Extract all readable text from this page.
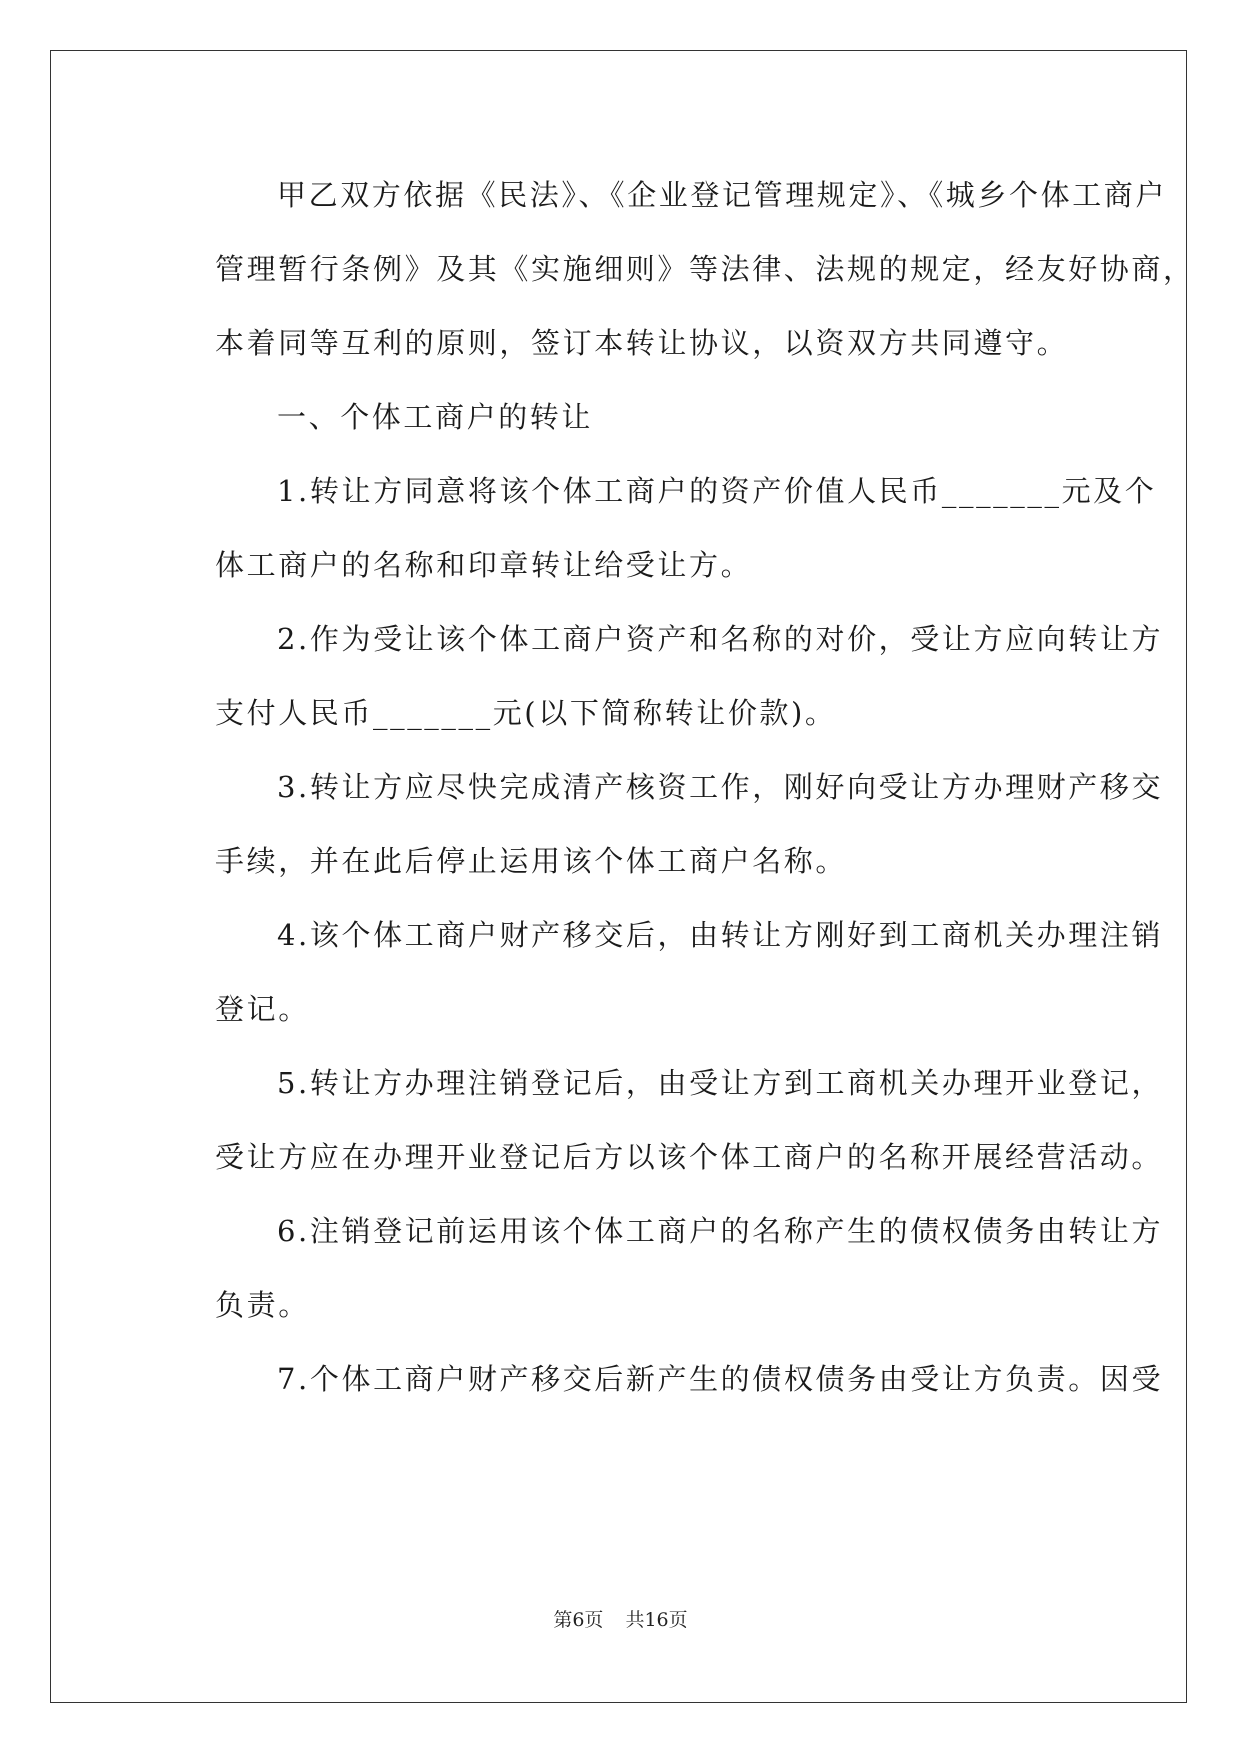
甲乙双方依据《民法》、《企业登记管理规定》、《城乡个体工商户
管理暂行条例》及其《实施细则》等法律、法规的规定，经友好协商，
本着同等互利的原则，签订本转让协议，以资双方共同遵守。
一、个体工商户的转让
1.转让方同意将该个体工商户的资产价值人民币_______元及个
体工商户的名称和印章转让给受让方。
2.作为受让该个体工商户资产和名称的对价，受让方应向转让方
支付人民币_______元(以下简称转让价款)。
3.转让方应尽快完成清产核资工作，刚好向受让方办理财产移交
手续，并在此后停止运用该个体工商户名称。
4.该个体工商户财产移交后，由转让方刚好到工商机关办理注销
登记。
5.转让方办理注销登记后，由受让方到工商机关办理开业登记，
受让方应在办理开业登记后方以该个体工商户的名称开展经营活动。
6.注销登记前运用该个体工商户的名称产生的债权债务由转让方
负责。
7.个体工商户财产移交后新产生的债权债务由受让方负责。因受
第6页 共16页
